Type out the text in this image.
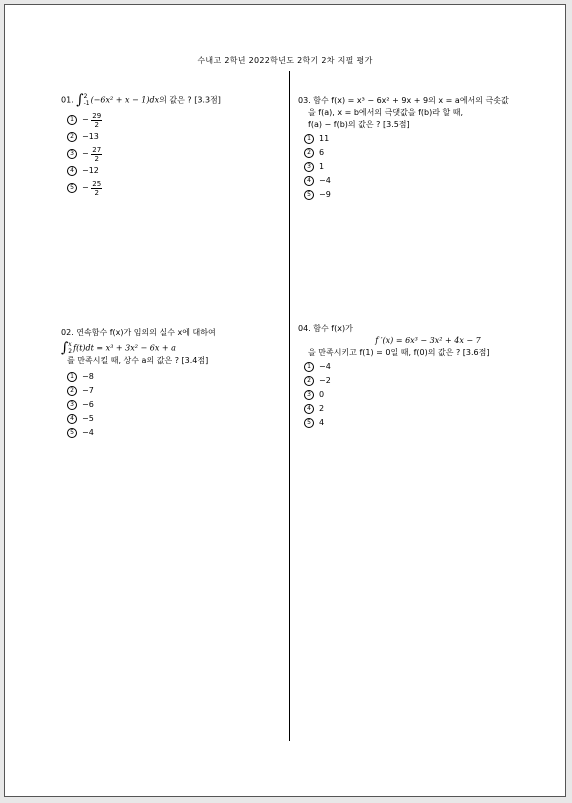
수내고 2학년 2022학년도 2학기 2차 지필 평가
01. ∫ 2
-1 (−6x² + x − 1)dx의 값은 ? [3.3점]
1	−
$\frac{29}{2}$
2	−13
3	−
$\frac{27}{2}$
4	−12
5	−
$\frac{25}{2}$
02. 연속함수 f(x)가 임의의 실수 x에 대하여
∫ x
2 f(t)dt = x³ + 3x² − 6x + a
를 만족시킬 때, 상수 a의 값은 ? [3.4점]
1	−8
2	−7
3	−6
4	−5
5	−4
03. 함수 f(x) = x³ − 6x² + 9x + 9의 x = a에서의 극솟값
을 f(a), x = b에서의 극댓값을 f(b)라 할 때,
f(a) − f(b)의 값은 ? [3.5점]
1	11
2	6
3	1
4	−4
5	−9
04. 함수 f(x)가
f ′(x) = 6x³ − 3x² + 4x − 7
을 만족시키고 f(1) = 0일 때, f(0)의 값은 ? [3.6점]
1	−4
2	−2
3	0
4	2
5	4
